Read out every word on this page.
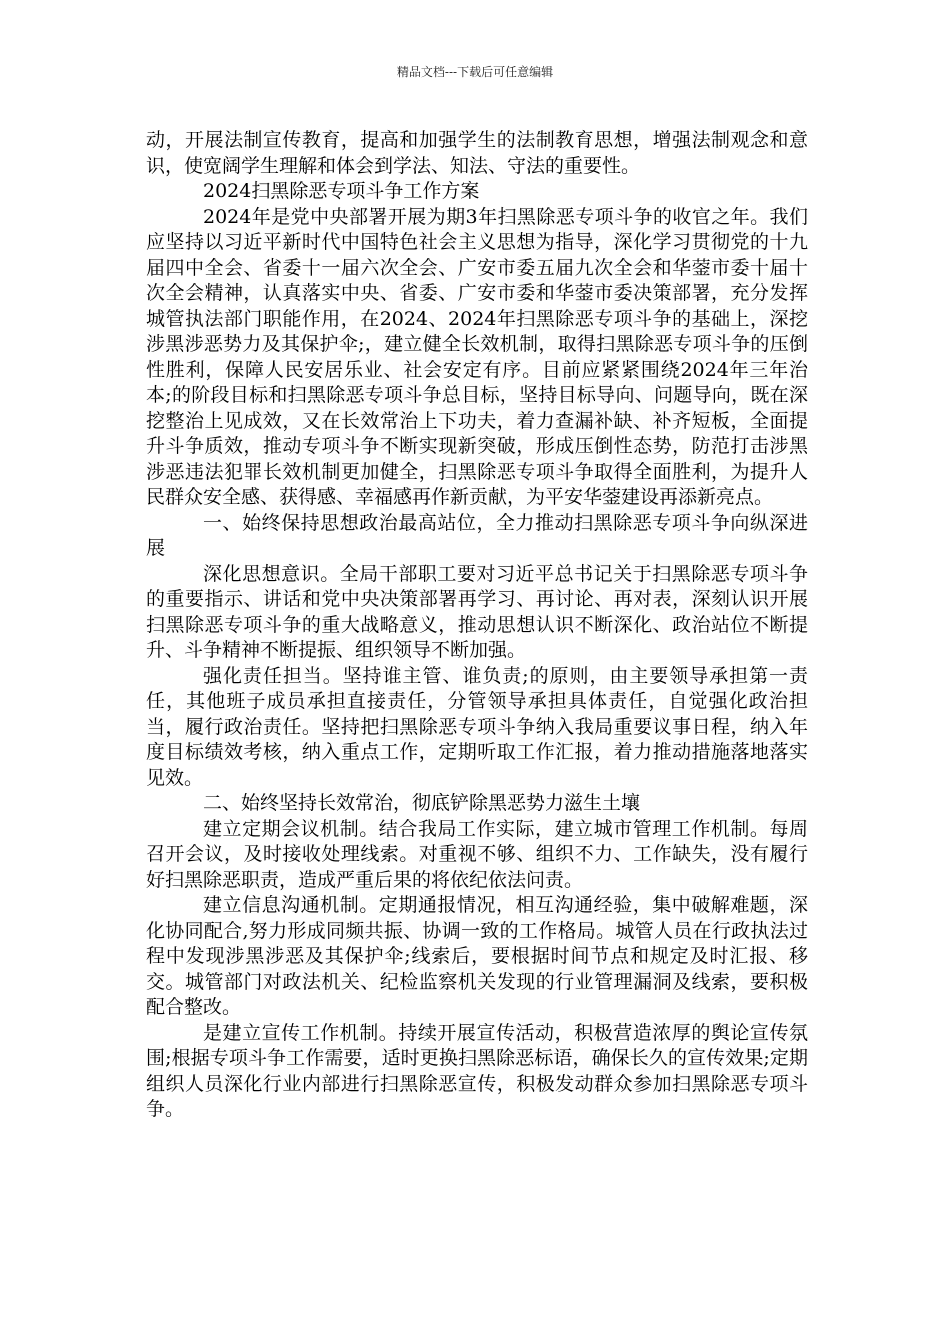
精品文档---下载后可任意编辑

动，开展法制宣传教育，提高和加强学生的法制教育思想，增强法制观念和意识，使宽阔学生理解和体会到学法、知法、守法的重要性。

2024扫黑除恶专项斗争工作方案

2024年是党中央部署开展为期3年扫黑除恶专项斗争的收官之年。我们应坚持以习近平新时代中国特色社会主义思想为指导，深化学习贯彻党的十九届四中全会、省委十一届六次全会、广安市委五届九次全会和华蓥市委十届十次全会精神，认真落实中央、省委、广安市委和华蓥市委决策部署，充分发挥城管执法部门职能作用，在2024、2024年扫黑除恶专项斗争的基础上，深挖涉黑涉恶势力及其保护伞;，建立健全长效机制，取得扫黑除恶专项斗争的压倒性胜利，保障人民安居乐业、社会安定有序。目前应紧紧围绕2024年三年治本;的阶段目标和扫黑除恶专项斗争总目标，坚持目标导向、问题导向，既在深挖整治上见成效，又在长效常治上下功夫，着力查漏补缺、补齐短板，全面提升斗争质效，推动专项斗争不断实现新突破，形成压倒性态势，防范打击涉黑涉恶违法犯罪长效机制更加健全，扫黑除恶专项斗争取得全面胜利，为提升人民群众安全感、获得感、幸福感再作新贡献，为平安华蓥建设再添新亮点。

一、始终保持思想政治最高站位，全力推动扫黑除恶专项斗争向纵深进展

深化思想意识。全局干部职工要对习近平总书记关于扫黑除恶专项斗争的重要指示、讲话和党中央决策部署再学习、再讨论、再对表，深刻认识开展扫黑除恶专项斗争的重大战略意义，推动思想认识不断深化、政治站位不断提升、斗争精神不断提振、组织领导不断加强。

强化责任担当。坚持谁主管、谁负责;的原则，由主要领导承担第一责任，其他班子成员承担直接责任，分管领导承担具体责任，自觉强化政治担当，履行政治责任。坚持把扫黑除恶专项斗争纳入我局重要议事日程，纳入年度目标绩效考核，纳入重点工作，定期听取工作汇报，着力推动措施落地落实见效。

二、始终坚持长效常治，彻底铲除黑恶势力滋生土壤

建立定期会议机制。结合我局工作实际，建立城市管理工作机制。每周召开会议，及时接收处理线索。对重视不够、组织不力、工作缺失，没有履行好扫黑除恶职责，造成严重后果的将依纪依法问责。

建立信息沟通机制。定期通报情况，相互沟通经验，集中破解难题，深化协同配合,努力形成同频共振、协调一致的工作格局。城管人员在行政执法过程中发现涉黑涉恶及其保护伞;线索后，要根据时间节点和规定及时汇报、移交。城管部门对政法机关、纪检监察机关发现的行业管理漏洞及线索，要积极配合整改。

是建立宣传工作机制。持续开展宣传活动，积极营造浓厚的舆论宣传氛围;根据专项斗争工作需要，适时更换扫黑除恶标语，确保长久的宣传效果;定期组织人员深化行业内部进行扫黑除恶宣传，积极发动群众参加扫黑除恶专项斗争。
